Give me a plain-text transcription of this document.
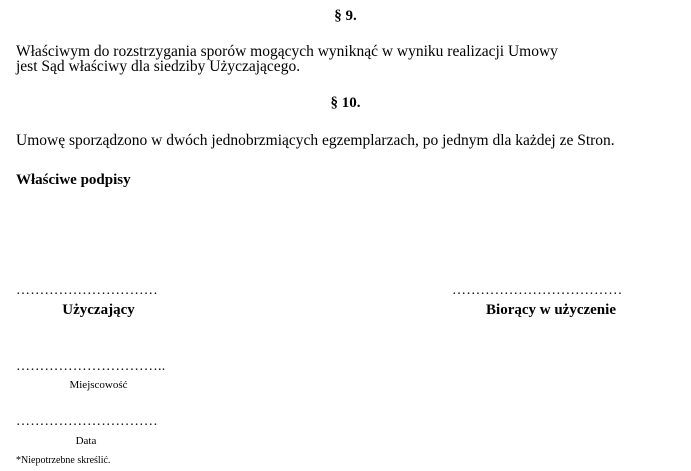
§ 9.
Właściwym do rozstrzygania sporów mogących wyniknąć w wyniku realizacji Umowy
jest Sąd właściwy dla siedziby Użyczającego.
§ 10.
Umowę sporządzono w dwóch jednobrzmiących egzemplarzach, po jednym dla każdej ze Stron.
Właściwe podpisy
…………………………
Użyczający
………………………………
Biorący w użyczenie
…………………………..
Miejscowość
…………………………
Data
*Niepotrzebne skreślić.
